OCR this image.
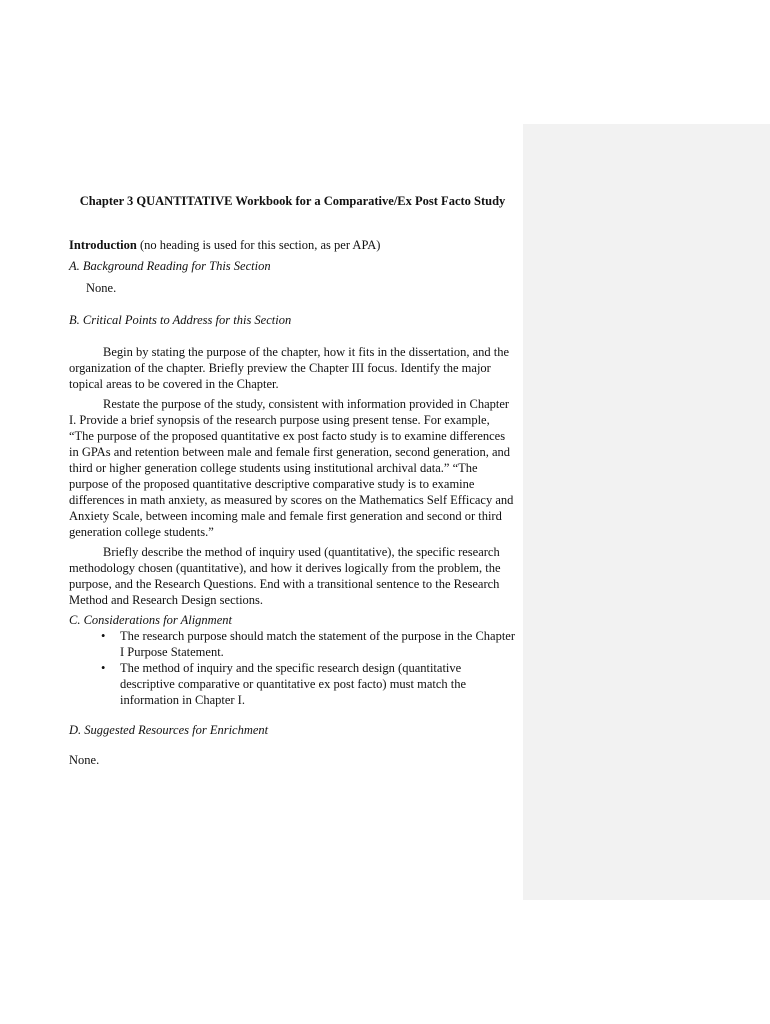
Chapter 3 QUANTITATIVE Workbook for a Comparative/Ex Post Facto Study

Introduction (no heading is used for this section, as per APA)

A. Background Reading for This Section

None.

B. Critical Points to Address for this Section

Begin by stating the purpose of the chapter, how it fits in the dissertation, and the organization of the chapter. Briefly preview the Chapter III focus. Identify the major topical areas to be covered in the Chapter.

Restate the purpose of the study, consistent with information provided in Chapter I. Provide a brief synopsis of the research purpose using present tense. For example, “The purpose of the proposed quantitative ex post facto study is to examine differences in GPAs and retention between male and female first generation, second generation, and third or higher generation college students using institutional archival data.” “The purpose of the proposed quantitative descriptive comparative study is to examine differences in math anxiety, as measured by scores on the Mathematics Self Efficacy and Anxiety Scale, between incoming male and female first generation and second or third generation college students.”

Briefly describe the method of inquiry used (quantitative), the specific research methodology chosen (quantitative), and how it derives logically from the problem, the purpose, and the Research Questions. End with a transitional sentence to the Research Method and Research Design sections.

C. Considerations for Alignment

• The research purpose should match the statement of the purpose in the Chapter I Purpose Statement.
• The method of inquiry and the specific research design (quantitative descriptive comparative or quantitative ex post facto) must match the information in Chapter I.

D. Suggested Resources for Enrichment

None.
